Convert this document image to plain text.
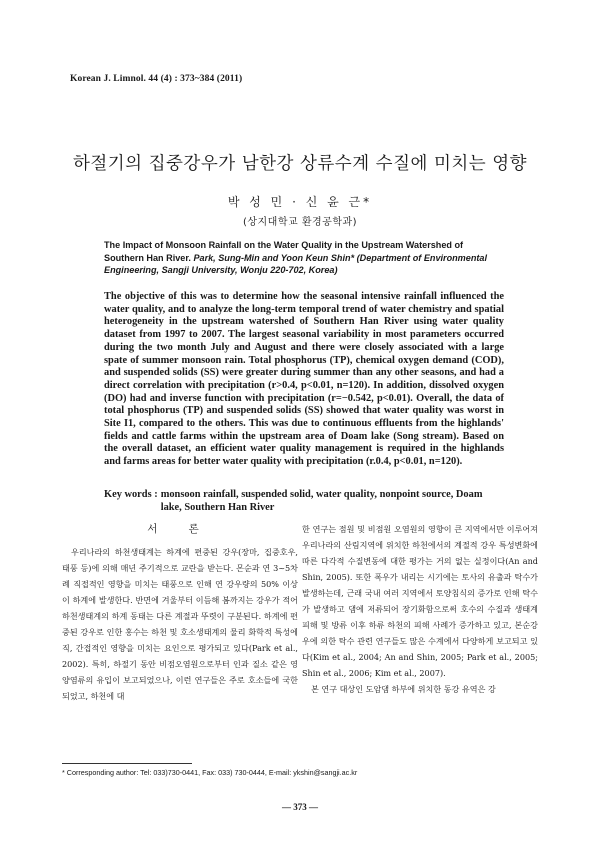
Korean J. Limnol. 44 (4) : 373~384 (2011)
하절기의 집중강우가 남한강 상류수계 수질에 미치는 영향
박 성 민 · 신 윤 근*
(상지대학교 환경공학과)
The Impact of Monsoon Rainfall on the Water Quality in the Upstream Watershed of Southern Han River. Park, Sung-Min and Yoon Keun Shin* (Department of Environmental Engineering, Sangji University, Wonju 220-702, Korea)
The objective of this was to determine how the seasonal intensive rainfall influenced the water quality, and to analyze the long-term temporal trend of water chemistry and spatial heterogeneity in the upstream watershed of Southern Han River using water quality dataset from 1997 to 2007. The largest seasonal variability in most parameters occurred during the two month July and August and there were closely associated with a large spate of summer monsoon rain. Total phosphorus (TP), chemical oxygen demand (COD), and suspended solids (SS) were greater during summer than any other seasons, and had a direct correlation with precipitation (r>0.4, p<0.01, n=120). In addition, dissolved oxygen (DO) had and inverse function with precipitation (r=−0.542, p<0.01). Overall, the data of total phosphorus (TP) and suspended solids (SS) showed that water quality was worst in Site I1, compared to the others. This was due to continuous effluents from the highlands' fields and cattle farms within the upstream area of Doam lake (Song stream). Based on the overall dataset, an efficient water quality management is required in the highlands and farms areas for better water quality with precipitation (r.0.4, p<0.01, n=120).
Key words : monsoon rainfall, suspended solid, water quality, nonpoint source, Doam lake, Southern Han River
서 론

우리나라의 하천생태계는 하계에 편중된 강우(장마, 집중호우, 태풍 등)에 의해 매년 주기적으로 교란을 받는다. 몬순과 연 3~5차례 직접적인 영향을 미치는 태풍으로 인해 연 강우량의 50% 이상이 하계에 발생한다. 반면에 겨울부터 이듬해 봄까지는 강우가 적어 하천생태계의 하계 동태는 다른 계절과 뚜렷이 구분된다. 하계에 편중된 강우로 인한 홍수는 하천 및 호소생태계의 물리 화학적 특성에 직, 간접적인 영향을 미치는 요인으로 평가되고 있다(Park et al., 2002). 특히, 하절기 동안 비점오염원으로부터 인과 질소 같은 영양염류의 유입이 보고되었으나, 이런 연구들은 주로 호소들에 국한되었고, 하천에 대

한 연구는 점원 및 비점원 오염원의 영향이 큰 지역에서만 이루어져 우리나라의 산림지역에 위치한 하천에서의 계절적 강우 특성변화에 따른 다각적 수질변동에 대한 평가는 거의 없는 실정이다(An and Shin, 2005). 또한 폭우가 내리는 시기에는 토사의 유출과 탁수가 발생하는데, 근래 국내 여러 지역에서 토양침식의 증가로 인해 탁수가 발생하고 댐에 저류되어 장기화함으로써 호수의 수질과 생태계 피해 및 방류 이후 하류 하천의 피해 사례가 증가하고 있고, 본순강우에 의한 탁수 관련 연구들도 많은 수계에서 다양하게 보고되고 있다(Kim et al., 2004; An and Shin, 2005; Park et al., 2005; Shin et al., 2006; Kim et al., 2007).

본 연구 대상인 도암댐 하부에 위치한 동강 유역은 강

* Corresponding author: Tel: 033)730-0441, Fax: 033) 730-0444, E-mail: ykshin@sangji.ac.kr
— 373 —
